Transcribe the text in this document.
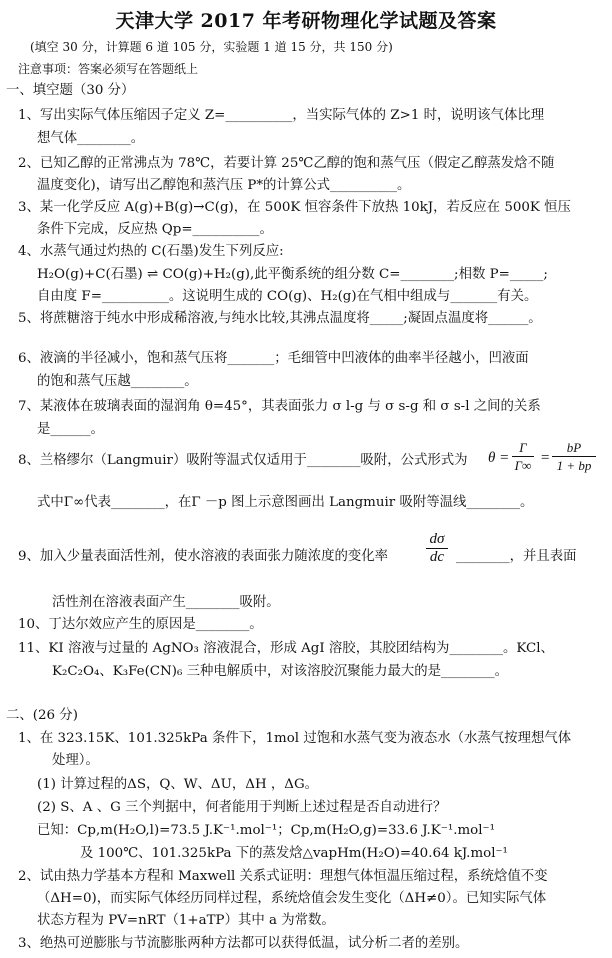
天津大学 2017 年考研物理化学试题及答案
(填空 30 分，计算题 6 道 105 分，实验题 1 道 15 分，共 150 分)
注意事项：答案必须写在答题纸上
一、填空题（30 分）
1、写出实际气体压缩因子定义 Z=__________，当实际气体的 Z>1 时，说明该气体比理
想气体________。
2、已知乙醇的正常沸点为 78℃，若要计算 25℃乙醇的饱和蒸气压（假定乙醇蒸发焓不随
温度变化)，请写出乙醇饱和蒸汽压 P*的计算公式__________。
3、某一化学反应 A(g)+B(g)→C(g)，在 500K 恒容条件下放热 10kJ，若反应在 500K 恒压
条件下完成，反应热 Qp=__________。
4、水蒸气通过灼热的 C(石墨)发生下列反应:
H₂O(g)+C(石墨) ⇌ CO(g)+H₂(g),此平衡系统的组分数 C=________;相数 P=_____;
自由度 F=__________。这说明生成的 CO(g)、H₂(g)在气相中组成与_______有关。
5、将蔗糖溶于纯水中形成稀溶液,与纯水比较,其沸点温度将_____;凝固点温度将______。
6、液滴的半径减小，饱和蒸气压将_______；毛细管中凹液体的曲率半径越小，凹液面
的饱和蒸气压越________。
7、某液体在玻璃表面的湿润角 θ=45°，其表面张力 σ l-g 与 σ s-g 和 σ s-l 之间的关系
是______。
8、兰格缪尔（Langmuir）吸附等温式仅适用于________吸附，公式形式为 θ =
Γ
Γ∞ =
bP
1 + bp
式中Γ∞代表________，在Γ －p 图上示意图画出 Langmuir 吸附等温线________。
9、加入少量表面活性剂，使水溶液的表面张力随浓度的变化率
dσ
dc ________，并且表面
活性剂在溶液表面产生________吸附。
10、丁达尔效应产生的原因是________。
11、KI 溶液与过量的 AgNO₃ 溶液混合，形成 AgI 溶胶，其胶团结构为________。KCl、
K₂C₂O₄、K₃Fe(CN)₆ 三种电解质中，对该溶胶沉聚能力最大的是________。
二、(26 分)
1、在 323.15K、101.325kPa 条件下，1mol 过饱和水蒸气变为液态水（水蒸气按理想气体
处理）。
(1) 计算过程的ΔS，Q、W、ΔU，ΔH ，ΔG。
(2) S、A 、G 三个判据中，何者能用于判断上述过程是否自动进行？
已知：Cp,m(H₂O,l)=73.5 J.K⁻¹.mol⁻¹；Cp,m(H₂O,g)=33.6 J.K⁻¹.mol⁻¹
及 100℃、101.325kPa 下的蒸发焓△vapHm(H₂O)=40.64 kJ.mol⁻¹
2、试由热力学基本方程和 Maxwell 关系式证明：理想气体恒温压缩过程，系统焓值不变
（ΔH=0)，而实际气体经历同样过程，系统焓值会发生变化（ΔH≠0）。已知实际气体
状态方程为 PV=nRT（1+aTP）其中 a 为常数。
3、绝热可逆膨胀与节流膨胀两种方法都可以获得低温，试分析二者的差别。
